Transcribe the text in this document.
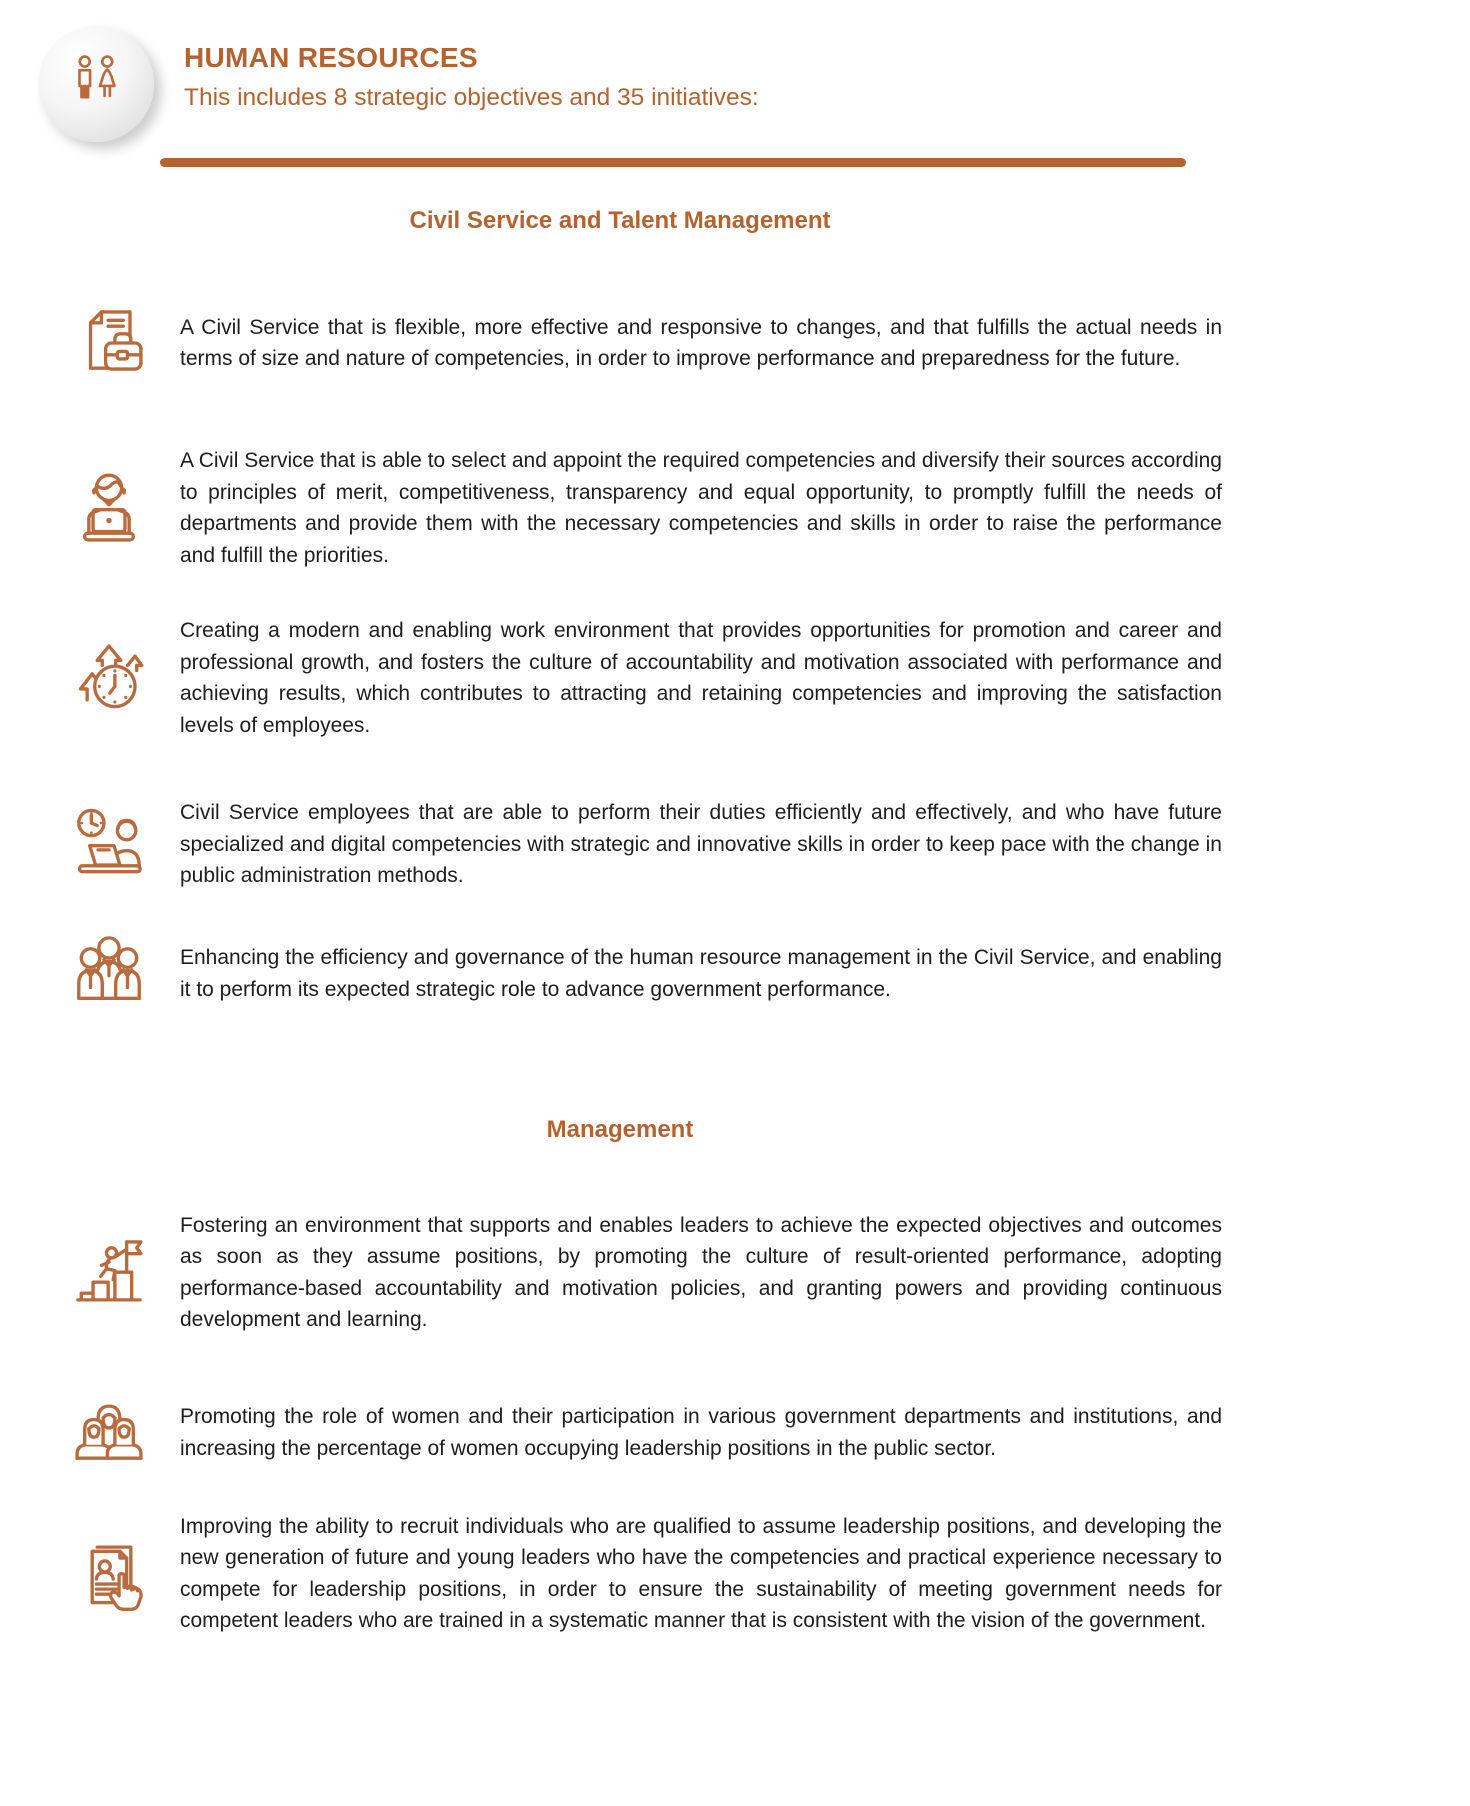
HUMAN RESOURCES
This includes 8 strategic objectives and 35 initiatives:
Civil Service and Talent Management

A Civil Service that is flexible, more effective and responsive to changes, and that fulfills the actual needs in terms of size and nature of competencies, in order to improve performance and preparedness for the future.

A Civil Service that is able to select and appoint the required competencies and diversify their sources according to principles of merit, competitiveness, transparency and equal opportunity, to promptly fulfill the needs of departments and provide them with the necessary competencies and skills in order to raise the performance and fulfill the priorities.

Creating a modern and enabling work environment that provides opportunities for promotion and career and professional growth, and fosters the culture of accountability and motivation associated with performance and achieving results, which contributes to attracting and retaining competencies and improving the satisfaction levels of employees.

Civil Service employees that are able to perform their duties efficiently and effectively, and who have future specialized and digital competencies with strategic and innovative skills in order to keep pace with the change in public administration methods.

Enhancing the efficiency and governance of the human resource management in the Civil Service, and enabling it to perform its expected strategic role to advance government performance.

Management

Fostering an environment that supports and enables leaders to achieve the expected objectives and outcomes as soon as they assume positions, by promoting the culture of result-oriented performance, adopting performance-based accountability and motivation policies, and granting powers and providing continuous development and learning.

Promoting the role of women and their participation in various government departments and institutions, and increasing the percentage of women occupying leadership positions in the public sector.

Improving the ability to recruit individuals who are qualified to assume leadership positions, and developing the new generation of future and young leaders who have the competencies and practical experience necessary to compete for leadership positions, in order to ensure the sustainability of meeting government needs for competent leaders who are trained in a systematic manner that is consistent with the vision of the government.
